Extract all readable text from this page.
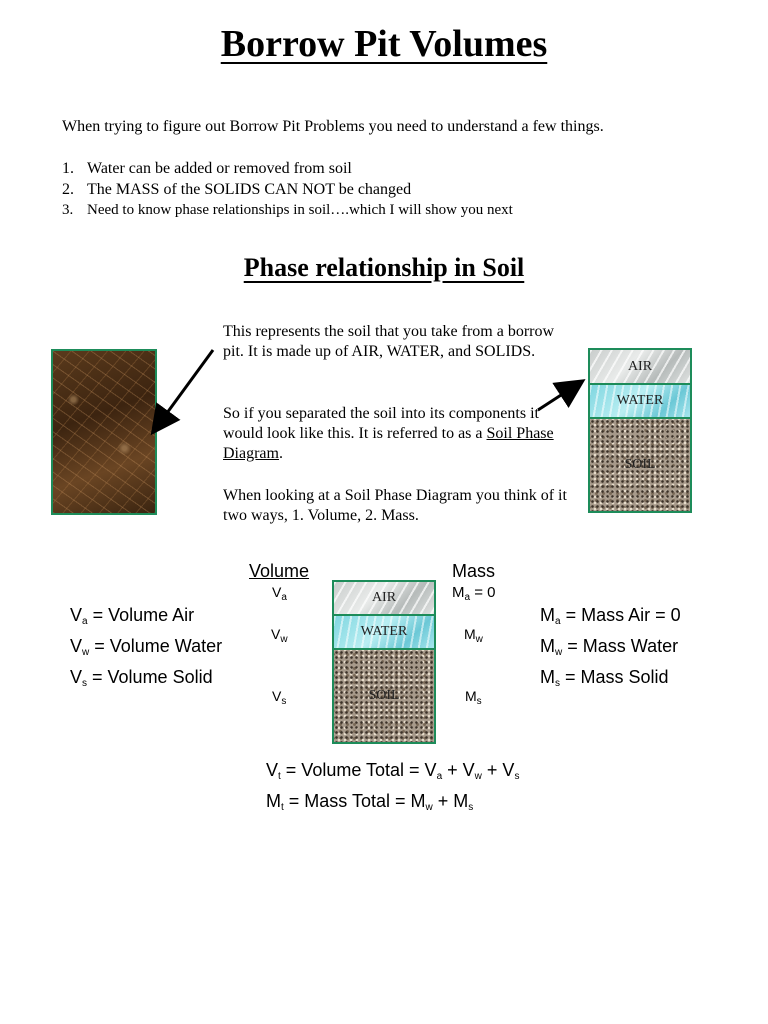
Borrow Pit Volumes
When trying to figure out Borrow Pit Problems you need to understand a few things.
1. Water can be added or removed from soil
2. The MASS of the SOLIDS CAN NOT be changed
3. Need to know phase relationships in soil….which I will show you next
Phase relationship in Soil
This represents the soil that you take from a borrow pit. It is made up of AIR, WATER, and SOLIDS.
So if you separated the soil into its components it would look like this. It is referred to as a Soil Phase Diagram.
When looking at a Soil Phase Diagram you think of it two ways, 1. Volume, 2. Mass.
AIR
WATER
SOIL
Volume	Mass
$V_a$
$V_w$
$V_s$
$M_a = 0$
$M_w$
$M_s$
AIR
WATER
SOIL
$V_a$ = Volume Air
$V_w$ = Volume Water
$V_s$ = Volume Solid
$M_a$ = Mass Air = 0
$M_w$ = Mass Water
$M_s$ = Mass Solid
$V_t$ = Volume Total = $V_a + V_w + V_s$
$M_t$ = Mass Total = $M_w + M_s$
